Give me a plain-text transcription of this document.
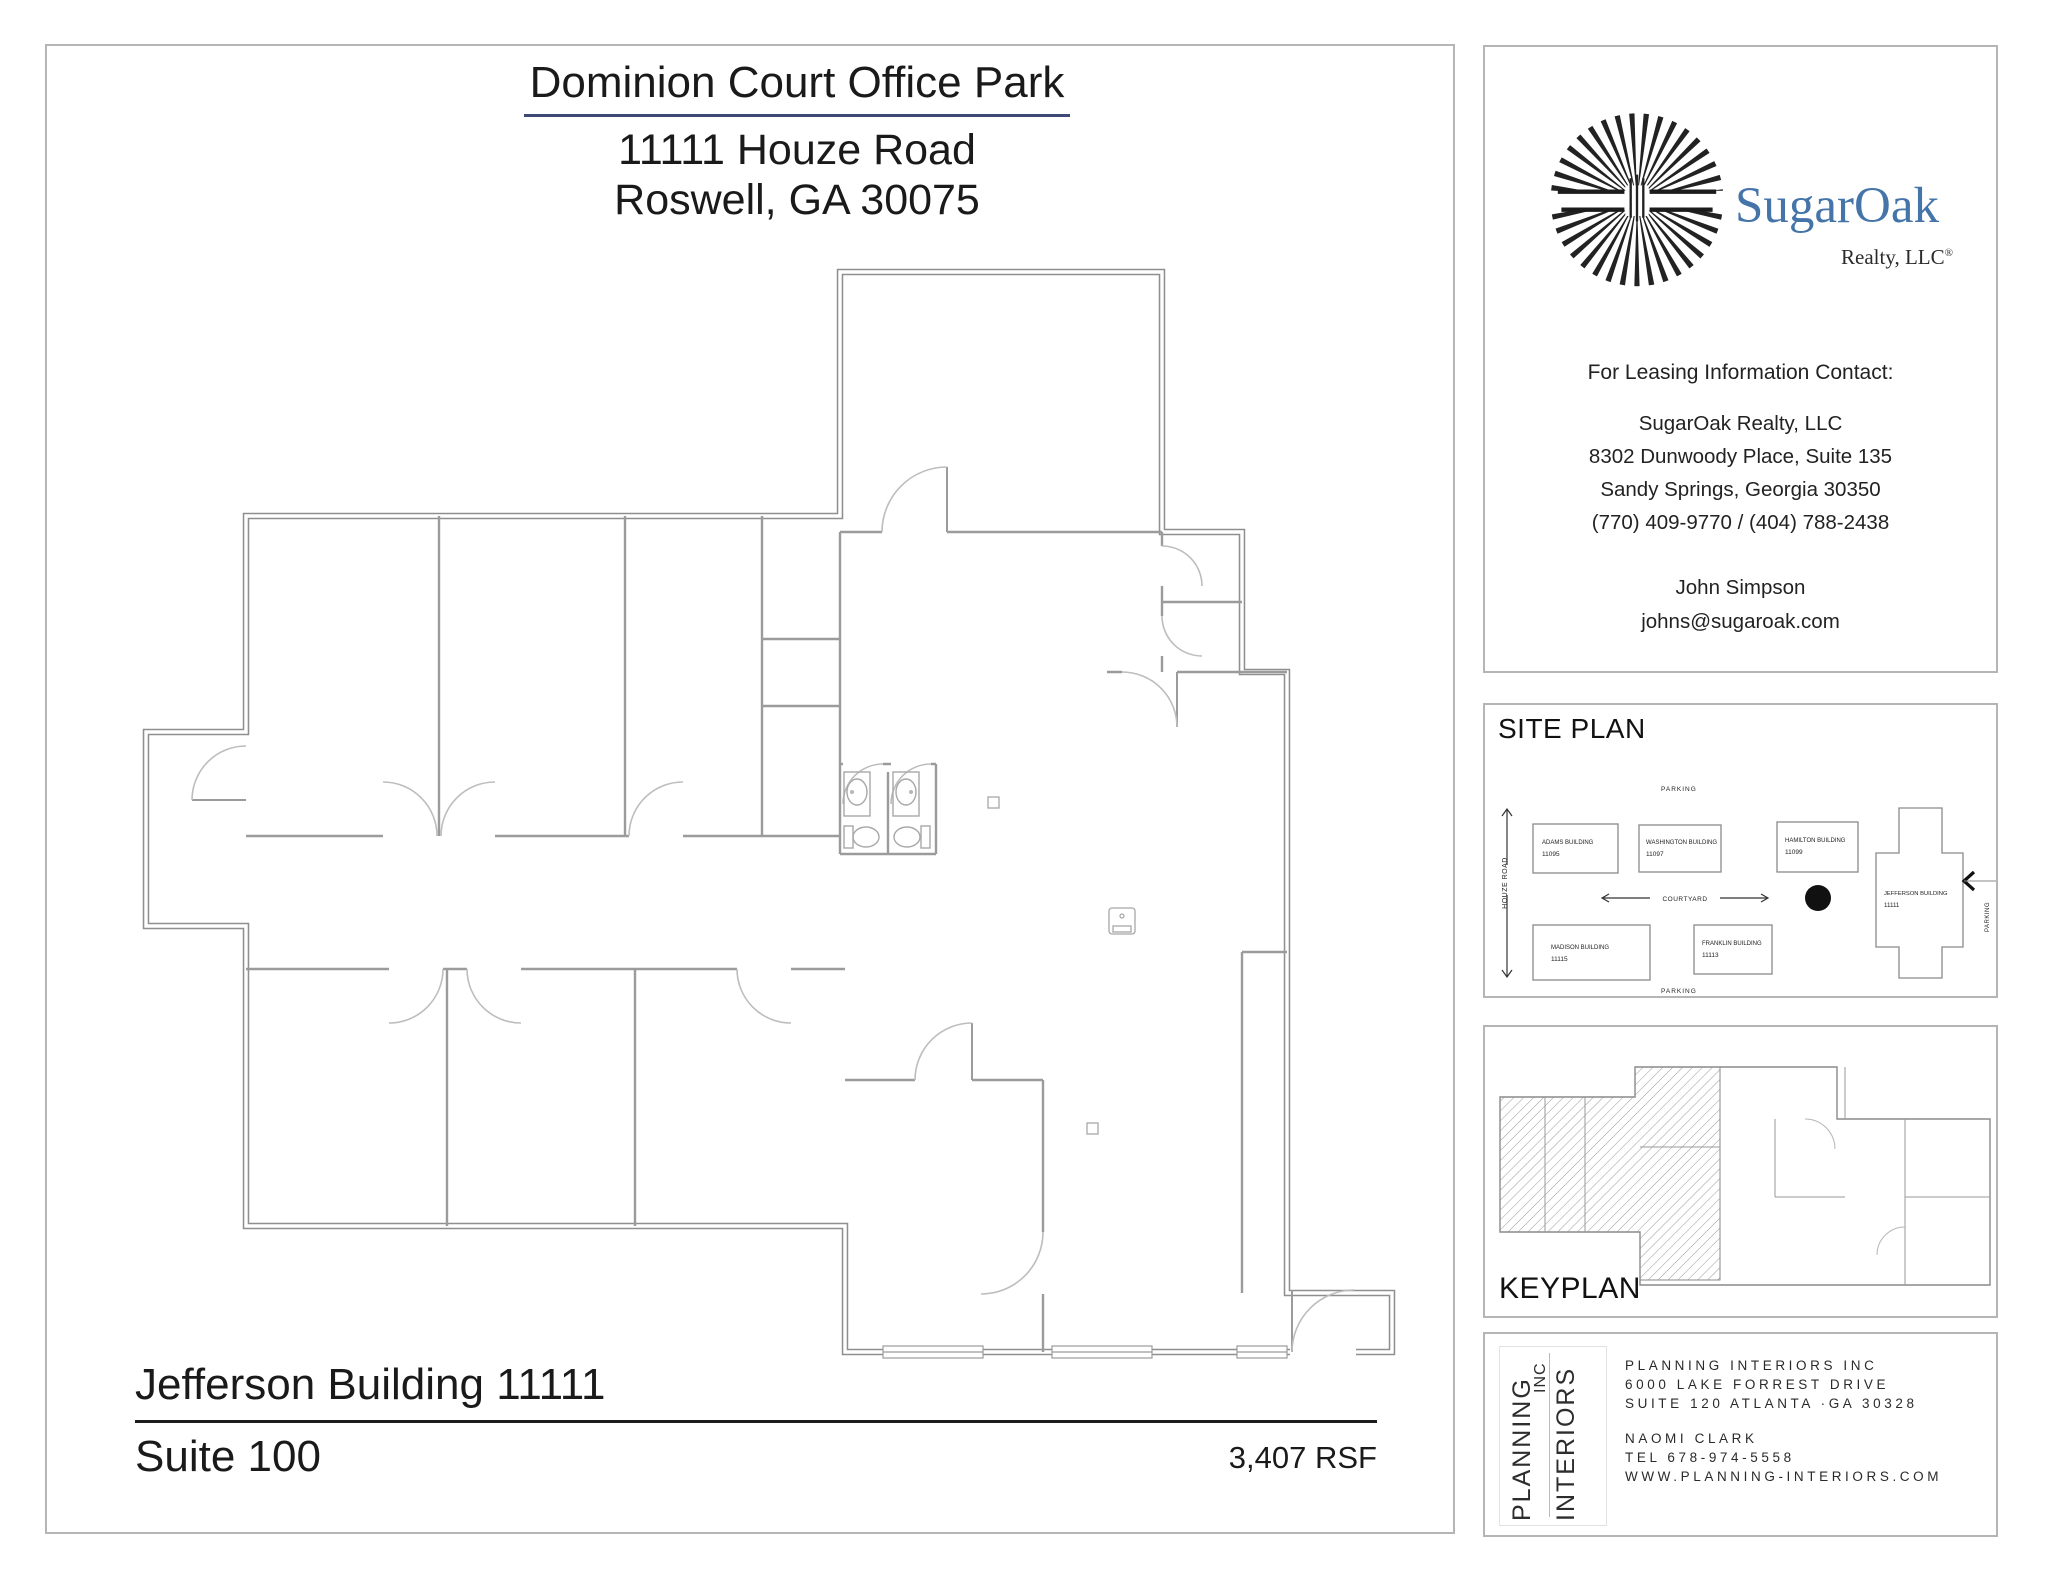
Dominion Court Office Park
11111 Houze Road
Roswell, GA 30075
Jefferson Building 11111
Suite 100	3,407 RSF
SugarOak
Realty, LLC®
For Leasing Information Contact:
SugarOak Realty, LLC
8302 Dunwoody Place, Suite 135
Sandy Springs, Georgia 30350
(770) 409-9770 / (404) 788-2438
John Simpson
johns@sugaroak.com
SITE PLAN
HOUZE ROAD
PARKING
PARKING
COURTYARD
ADAMS BUILDING
11095
WASHINGTON BUILDING
11097
HAMILTON BUILDING
11099
MADISON BUILDING
11115
FRANKLIN BUILDING
11113
JEFFERSON BUILDING
11111	PARKING
KEYPLAN
PLANNING INTERIORS
INC	PLANNING INTERIORS INC
6000 LAKE FORREST DRIVE
SUITE 120 ATLANTA ·GA 30328
NAOMI CLARK
TEL 678-974-5558
WWW.PLANNING-INTERIORS.COM
